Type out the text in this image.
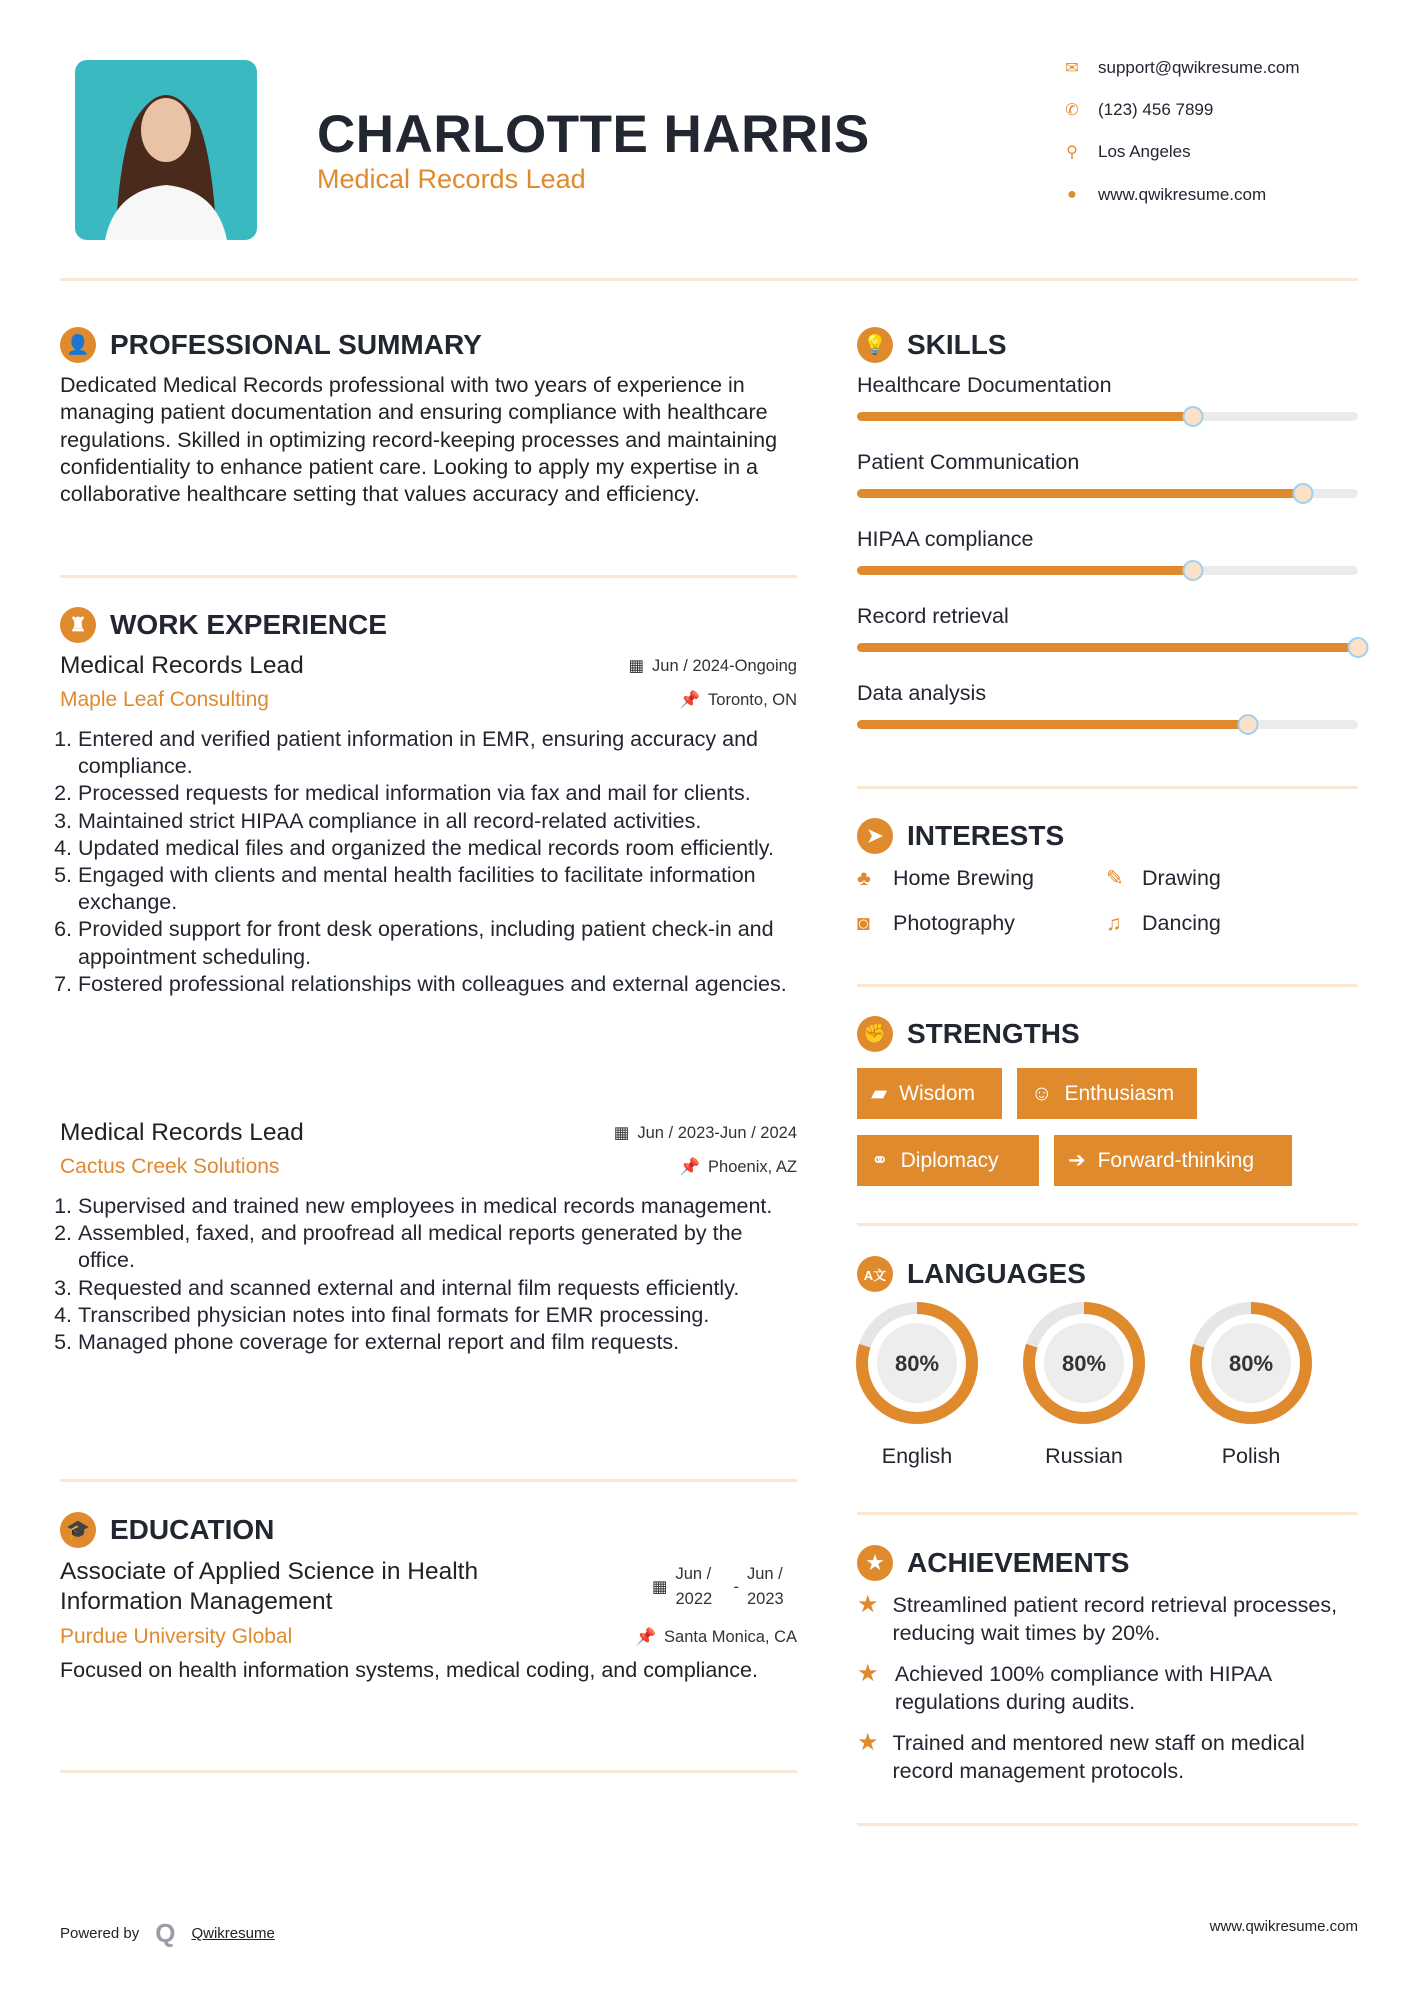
CHARLOTTE HARRIS
Medical Records Lead
✉ support@qwikresume.com
✆ (123) 456 7899
⚲ Los Angeles
●	www.qwikresume.com
👤 PROFESSIONAL SUMMARY
Dedicated Medical Records professional with two years of experience in managing patient documentation and ensuring compliance with healthcare regulations. Skilled in optimizing record-keeping processes and maintaining confidentiality to enhance patient care. Looking to apply my expertise in a collaborative healthcare setting that values accuracy and efficiency.
♜ WORK EXPERIENCE
Medical Records Lead	▦ Jun / 2024-Ongoing
Maple Leaf Consulting	📌 Toronto, ON
1. Entered and verified patient information in EMR, ensuring accuracy and compliance.
2. Processed requests for medical information via fax and mail for clients.
3. Maintained strict HIPAA compliance in all record-related activities.
4. Updated medical files and organized the medical records room efficiently.
5. Engaged with clients and mental health facilities to facilitate information exchange.
6. Provided support for front desk operations, including patient check-in and appointment scheduling.
7. Fostered professional relationships with colleagues and external agencies.
Medical Records Lead	▦ Jun / 2023-Jun / 2024
Cactus Creek Solutions	📌 Phoenix, AZ
1. Supervised and trained new employees in medical records management.
2. Assembled, faxed, and proofread all medical reports generated by the office.
3. Requested and scanned external and internal film requests efficiently.
4. Transcribed physician notes into final formats for EMR processing.
5. Managed phone coverage for external report and film requests.
🎓 EDUCATION
Associate of Applied Science in Health Information Management
▦
Jun / 2022
-
Jun / 2023
Purdue University Global	📌 Santa Monica, CA
Focused on health information systems, medical coding, and compliance.
💡 SKILLS
Healthcare Documentation
Patient Communication
HIPAA compliance
Record retrieval
Data analysis
➤ INTERESTS
♣	Home Brewing	✎ Drawing
◙	Photography	♫ Dancing
✊ STRENGTHS
▰ Wisdom	☺ Enthusiasm
⚭ Diplomacy	➔ Forward-thinking
A文 LANGUAGES
80%
English
80%
Russian
80%
Polish
★ ACHIEVEMENTS
★ Streamlined patient record retrieval processes, reducing wait times by 20%.
★ Achieved 100% compliance with HIPAA regulations during audits.
★ Trained and mentored new staff on medical record management protocols.
Powered by Q Qwikresume	www.qwikresume.com
